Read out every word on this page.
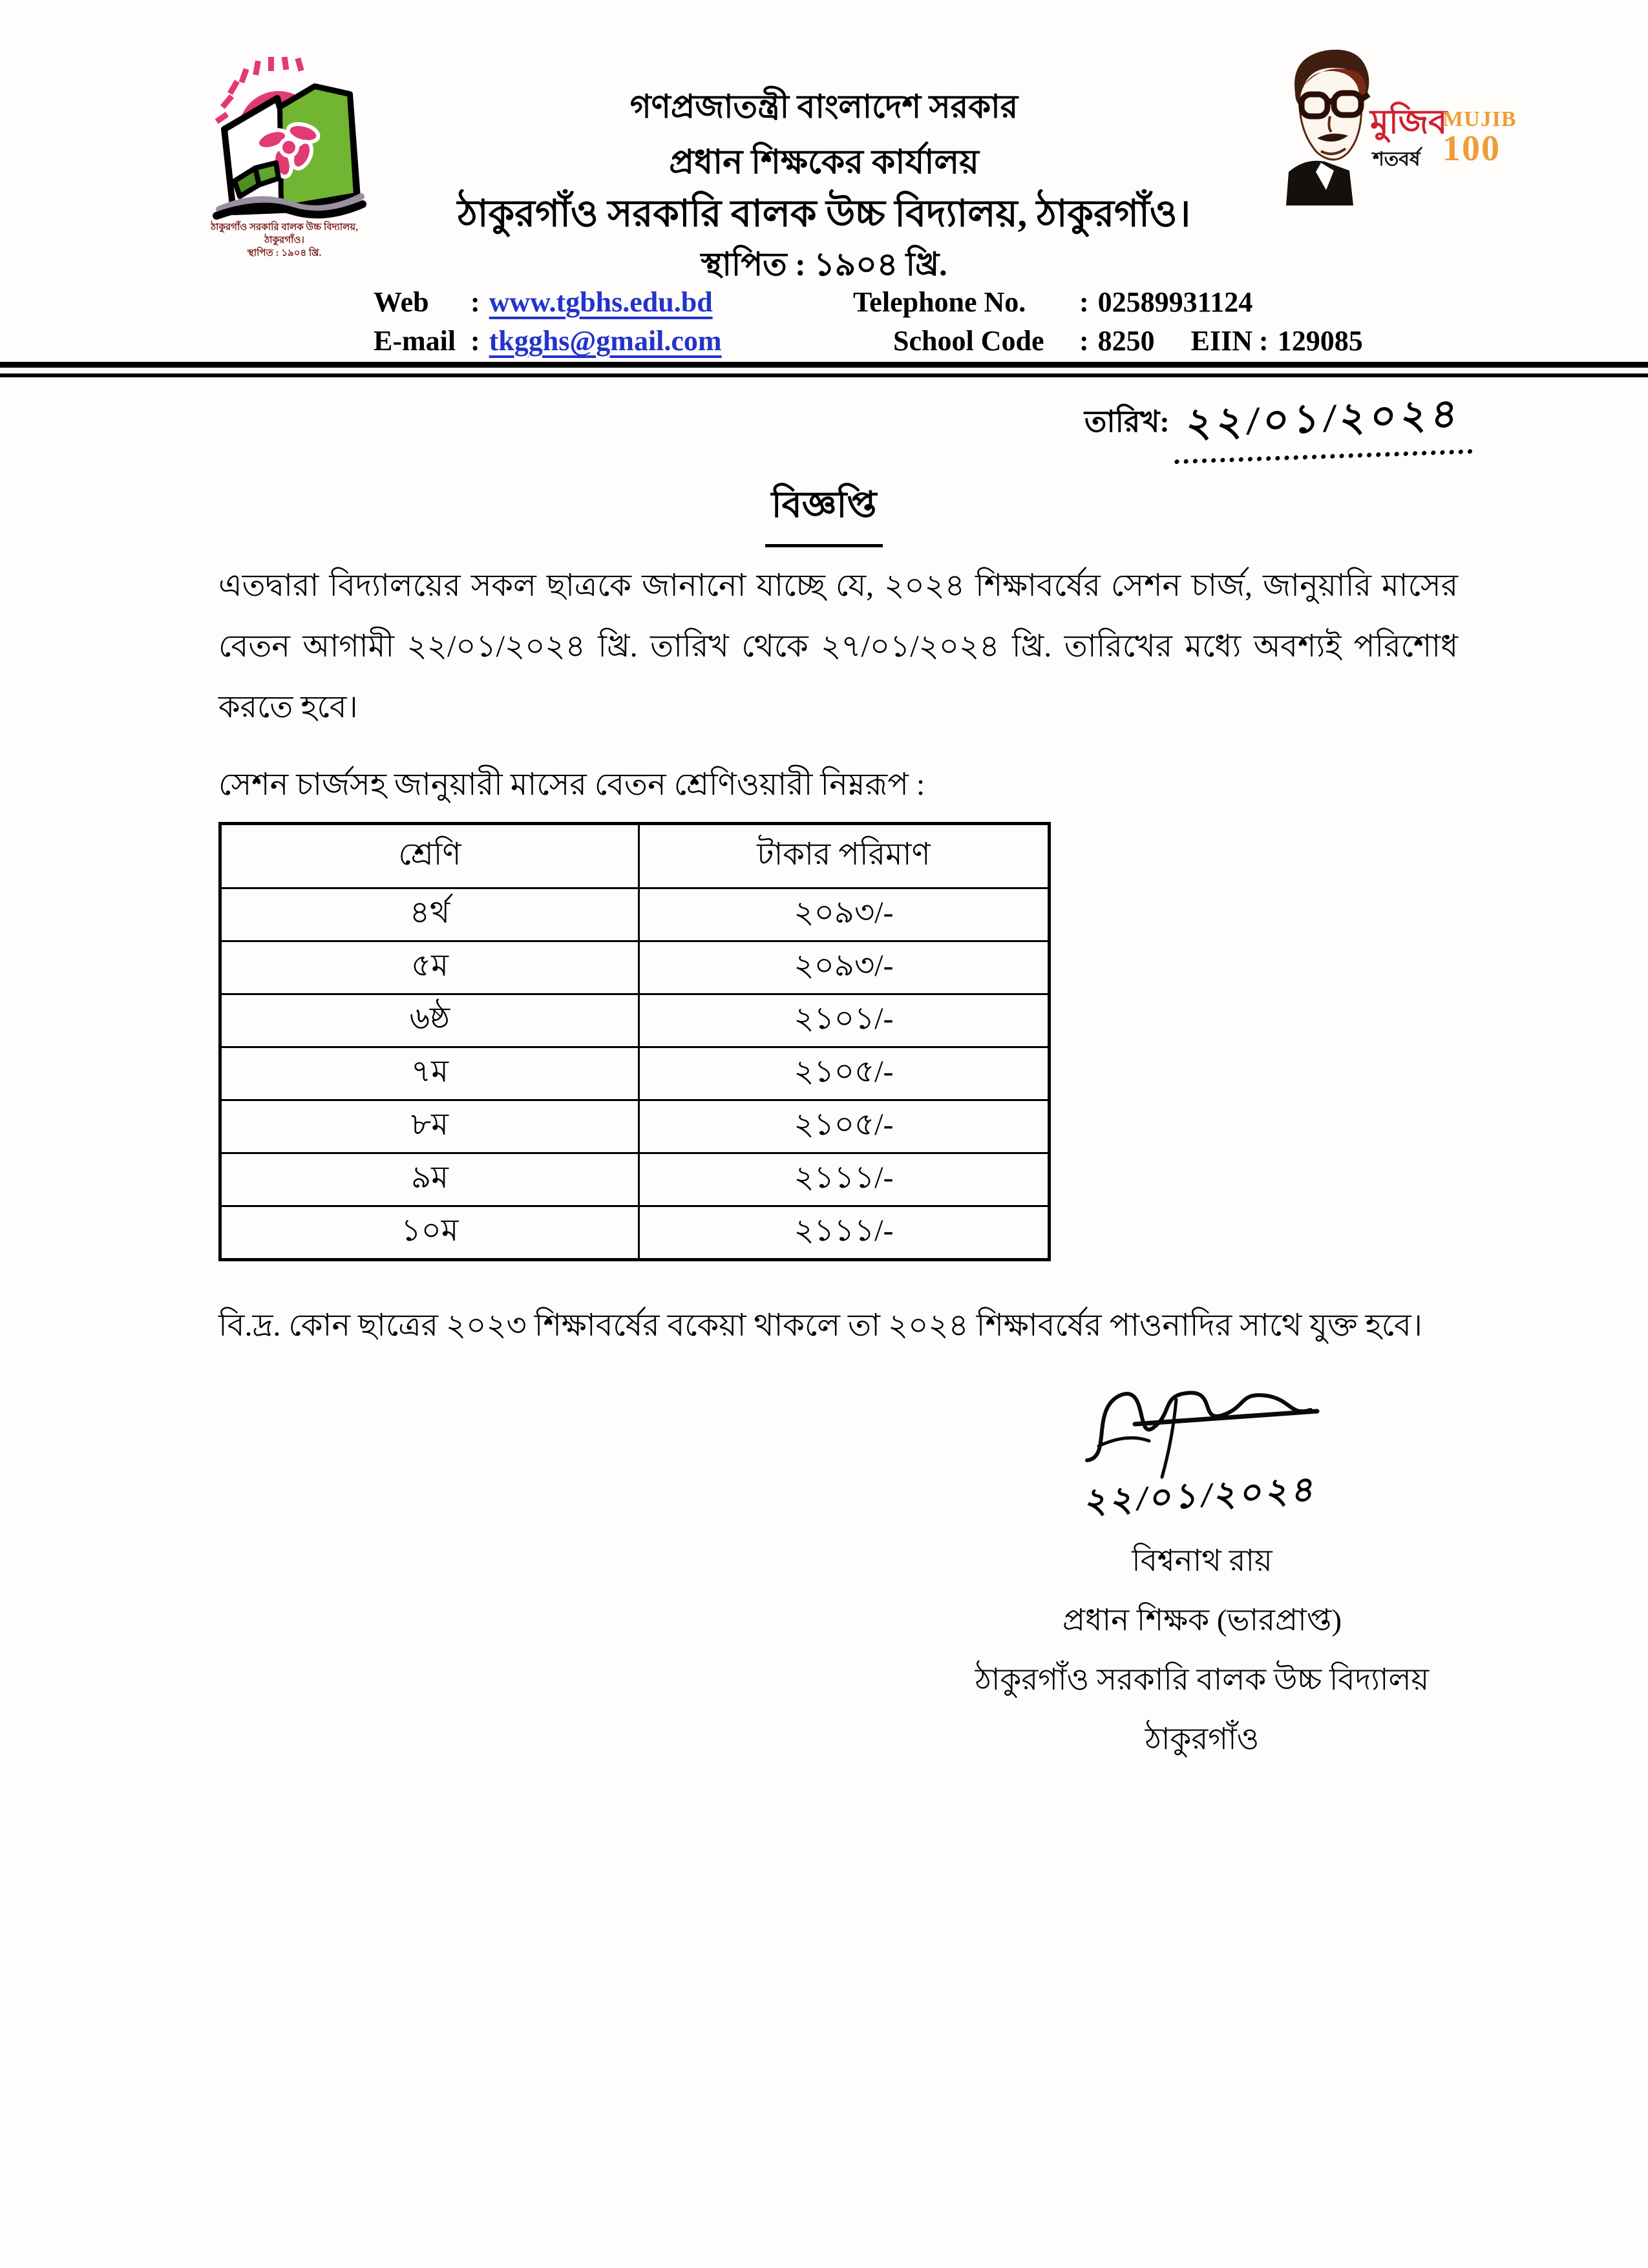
ঠাকুরগাঁও সরকারি বালক উচ্চ বিদ্যালয়, ঠাকুরগাঁও।
স্থাপিত : ১৯০৪ খ্রি.
মুজিব
শতবর্ষ
MUJIB
100
গণপ্রজাতন্ত্রী বাংলাদেশ সরকার
প্রধান শিক্ষকের কার্যালয়
ঠাকুরগাঁও সরকারি বালক উচ্চ বিদ্যালয়, ঠাকুরগাঁও।
স্থাপিত : ১৯০৪ খ্রি.
Web : www.tgbhs.edu.bd
E-mail : tkgghs@gmail.com
Telephone No. : 02589931124
School Code : 8250 EIIN : 129085
তারিখ: ২২/০১/২০২৪
বিজ্ঞপ্তি
এতদ্বারা বিদ্যালয়ের সকল ছাত্রকে জানানো যাচ্ছে যে, ২০২৪ শিক্ষাবর্ষের সেশন চার্জ, জানুয়ারি মাসের বেতন আগামী ২২/০১/২০২৪ খ্রি. তারিখ থেকে ২৭/০১/২০২৪ খ্রি. তারিখের মধ্যে অবশ্যই পরিশোধ করতে হবে।
সেশন চার্জসহ জানুয়ারী মাসের বেতন শ্রেণিওয়ারী নিম্নরূপ :
শ্রেণি	টাকার পরিমাণ
৪র্থ	২০৯৩/-
৫ম	২০৯৩/-
৬ষ্ঠ	২১০১/-
৭ম	২১০৫/-
৮ম	২১০৫/-
৯ম	২১১১/-
১০ম	২১১১/-
বি.দ্র. কোন ছাত্রের ২০২৩ শিক্ষাবর্ষের বকেয়া থাকলে তা ২০২৪ শিক্ষাবর্ষের পাওনাদির সাথে যুক্ত হবে।
২২/০১/২০২৪
বিশ্বনাথ রায়
প্রধান শিক্ষক (ভারপ্রাপ্ত)
ঠাকুরগাঁও সরকারি বালক উচ্চ বিদ্যালয়
ঠাকুরগাঁও
